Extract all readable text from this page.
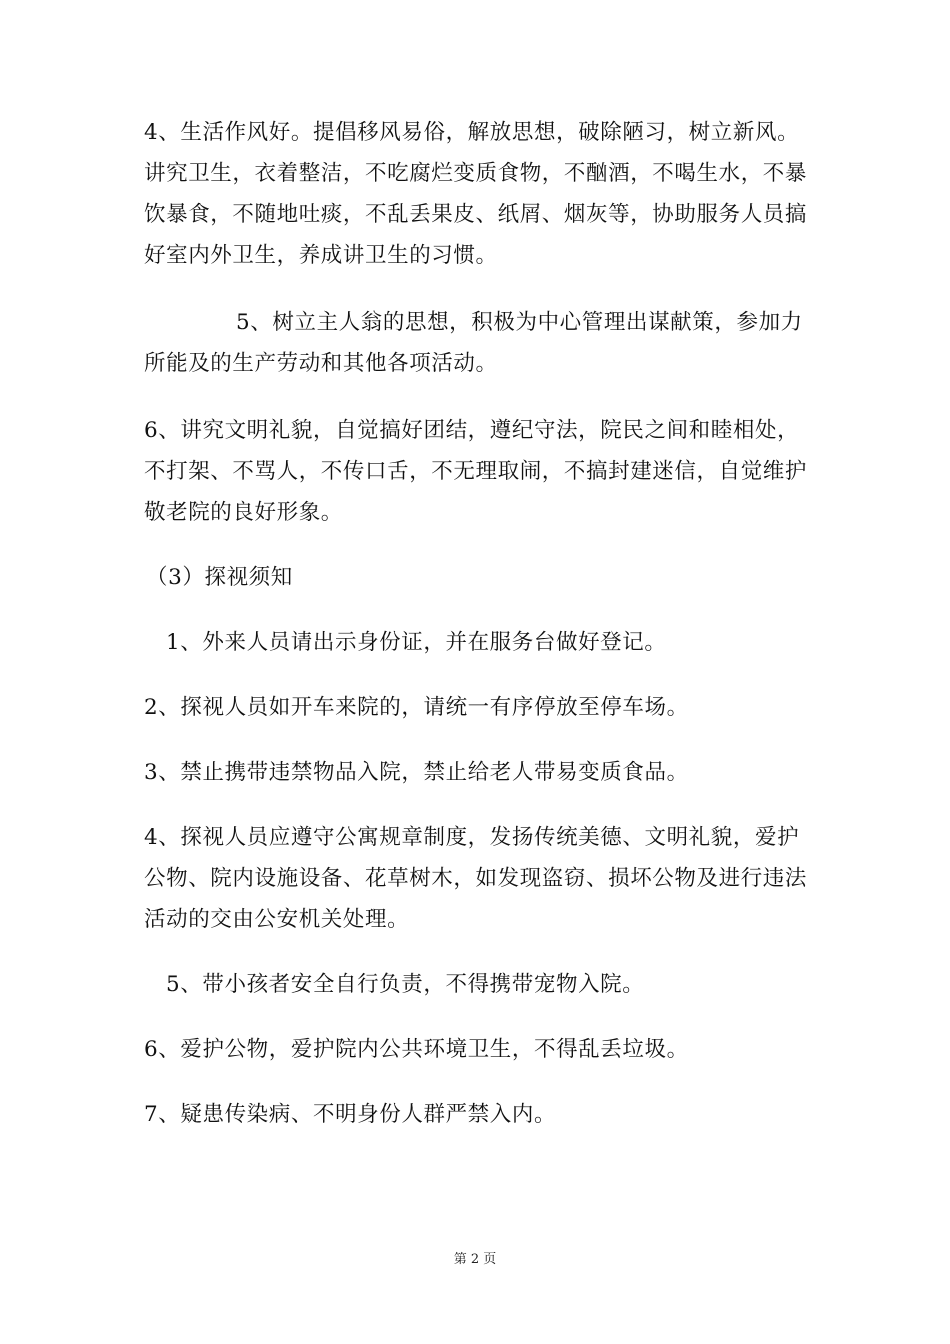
4、生活作风好。提倡移风易俗，解放思想，破除陋习，树立新风。讲究卫生，衣着整洁，不吃腐烂变质食物，不酗酒，不喝生水，不暴饮暴食，不随地吐痰，不乱丢果皮、纸屑、烟灰等，协助服务人员搞好室内外卫生，养成讲卫生的习惯。

5、树立主人翁的思想，积极为中心管理出谋献策，参加力所能及的生产劳动和其他各项活动。

6、讲究文明礼貌，自觉搞好团结，遵纪守法，院民之间和睦相处，不打架、不骂人，不传口舌，不无理取闹，不搞封建迷信，自觉维护敬老院的良好形象。

（3）探视须知

1、外来人员请出示身份证，并在服务台做好登记。

2、探视人员如开车来院的，请统一有序停放至停车场。

3、禁止携带违禁物品入院，禁止给老人带易变质食品。

4、探视人员应遵守公寓规章制度，发扬传统美德、文明礼貌，爱护公物、院内设施设备、花草树木，如发现盗窃、损坏公物及进行违法活动的交由公安机关处理。

5、带小孩者安全自行负责，不得携带宠物入院。

6、爱护公物，爱护院内公共环境卫生，不得乱丢垃圾。

7、疑患传染病、不明身份人群严禁入内。

第 2 页
